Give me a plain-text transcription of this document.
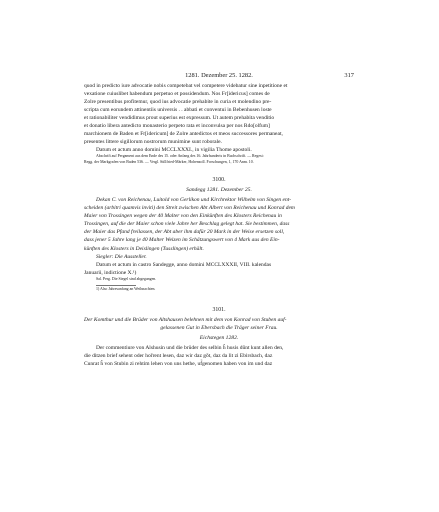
1281. Dezember 25. 1282.	317

quod in predicto iure advocatie nobis competebat vel competere videbatur sine inpetitione et

vexatione cuiuslibet habendum perpetuo et possidendum. Nos Fr[idericus] comes de

Zolre presentibus profitemur, quod ius advocatie prehabite in curia et molendino pre-

scripta cum eorundem attinentiis universis . . abbati et conventui in Bebenhusen loste

et rationabiliter vendidimus prout superius est expressum. Ut autem prehabita venditio

et donatio libera antedicto monasterio perpeto rata et inconvulsa per nos Rdo[olfum]

marchionem de Baden et Fr[idericum] de Zolre antedictos et meos successores permaneat,

presentes littere sigillorum nostrorum munimine sunt roborale.

Datum et actum anno domini MCCLXXXI., in vigilia Thome apostoli.

Abschrift auf Pergament aus dem Ende des 15. oder Anfang des 16. Jahrhunderts in Buchschrift. — Regest:

Regg. der Markgrafen von Baden 536. — Vergl. Stillfried-Märker, Hohenzoll. Forschungen, 1, 170 Anm. 10.

3100.

Sandegg 1281. Dezember 25.

Dekan C. von Reichenau, Luitold von Gerlikon und Kirchrektor Wilhelm von Singen ent-

scheiden (arbitri quamvis inviti) den Streit zwischen Abt Albert von Reichenau und Konrad dem

Maier von Trossingen wegen der 40 Malter von den Einkünften des Klosters Reichenau in

Trossingen, auf die der Maier schon viele Jahre her Beschlag gelegt hat. Sie bestimmen, dass

der Maier das Pfand freilassen, der Abt aber ihm dafür 20 Mark in der Weise ersetzen soll,

dass jener 5 Jahre lang je 40 Malter Weizen im Schätzungswert von 4 Mark aus den Ein-

künften des Klosters in Deislingen (Tusslingen) erhält.

Siegler: Die Aussteller.

Datum et actum in castro Sandegge, anno domini MCCLXXXII, VIII. kalendas

Januarii, indictione X.¹)

Sal. Perg. Die Siegel sind abgegangen.

1) Also Jahresanfang an Weihnachten.

3101.

Der Komthur und die Brüder von Altshausen belehnen mit dem von Konrad von Stuben auf-

gelassenen Gut in Ebersbach die Träger seiner Frau.

Eichstegen 1282.

Der commentiure von Alshusin und die brüder des selbin ĥ husis dǔnt kunt allen den,

die ditzen brief sehent oder hořrent lesen, daz wir daz gǒt, daz da lit zi Ebirsbach, daz

Cunrat ĥ von Stubin zi rehtim lehen von uns hethe, uf̃genomen haben von im und daz
